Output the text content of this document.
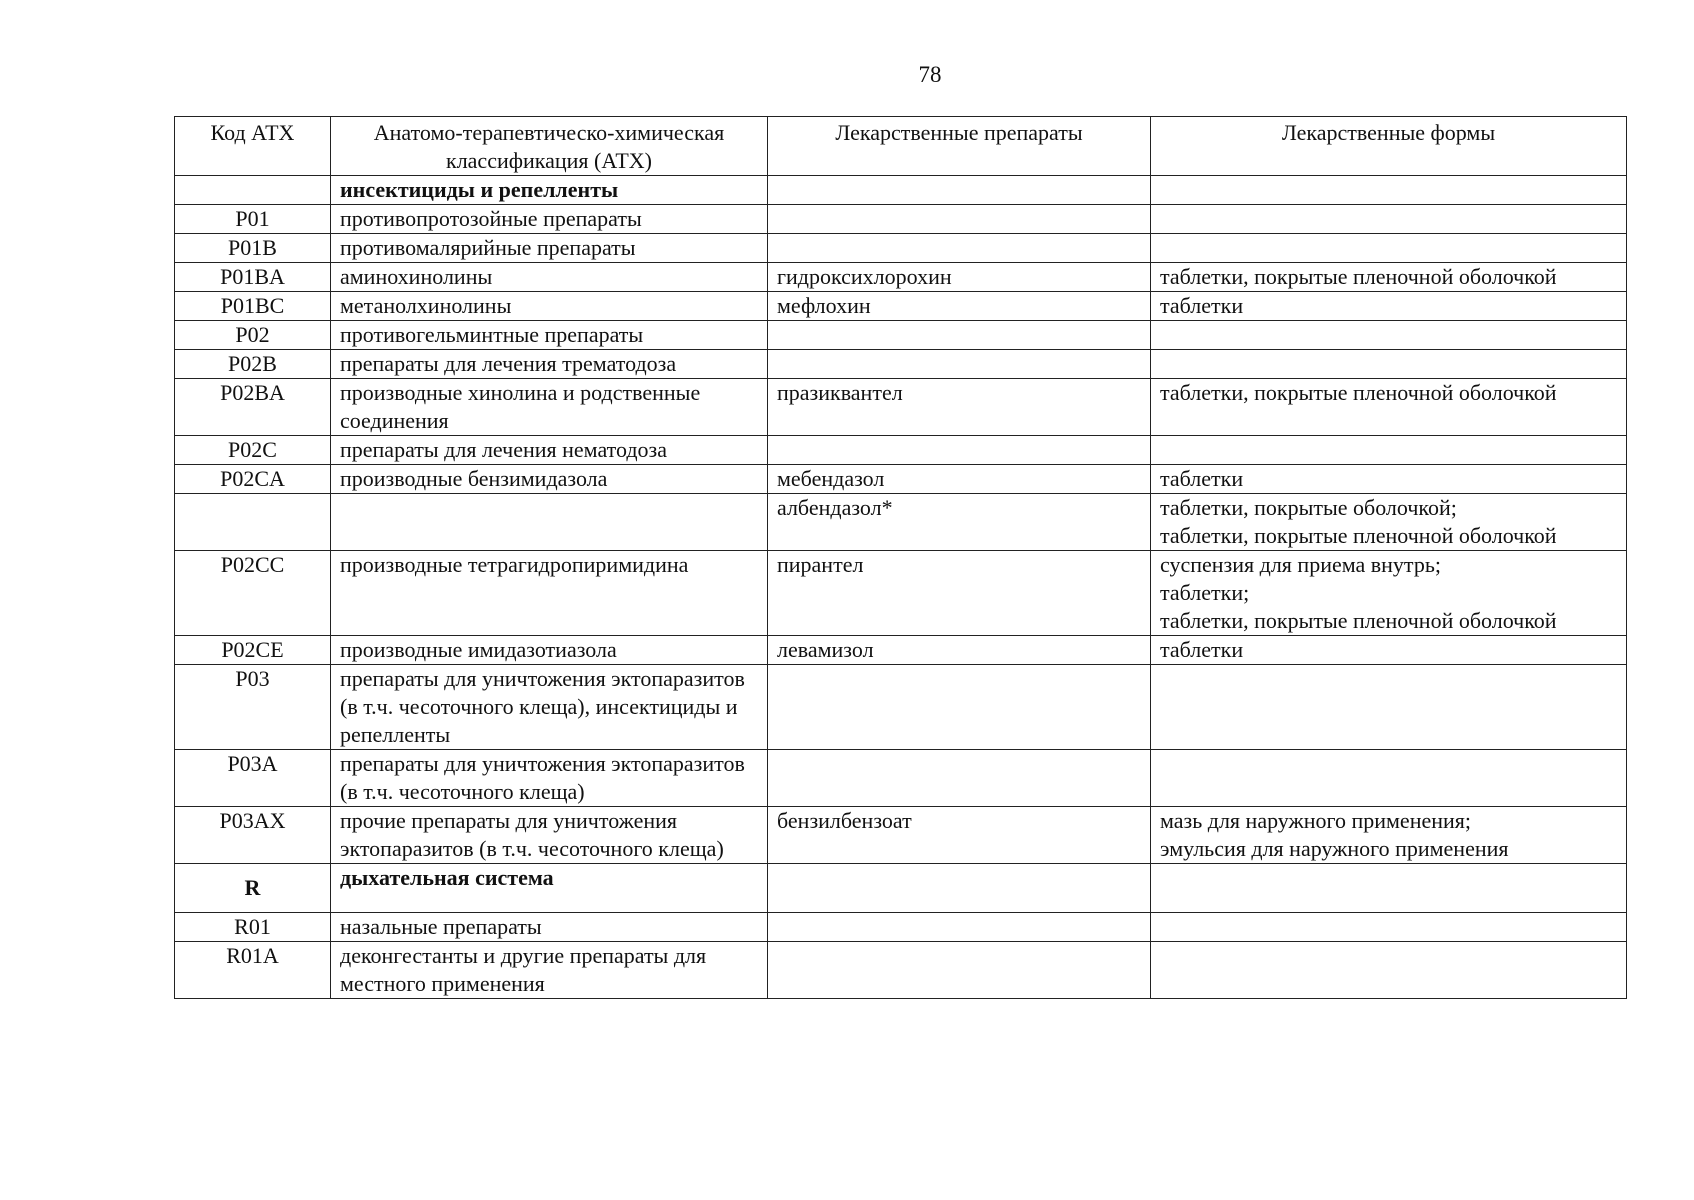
78
Код АТХ	Анатомо-терапевтическо-химическая классификация (АТХ)	Лекарственные препараты	Лекарственные формы
	инсектициды и репелленты		
P01	противопротозойные препараты		
P01B	противомалярийные препараты		
P01BA	аминохинолины	гидроксихлорохин	таблетки, покрытые пленочной оболочкой
P01BC	метанолхинолины	мефлохин	таблетки
P02	противогельминтные препараты		
P02B	препараты для лечения трематодоза		
P02BA	производные хинолина и родственные соединения	празиквантел	таблетки, покрытые пленочной оболочкой
P02C	препараты для лечения нематодоза		
P02CA	производные бензимидазола	мебендазол	таблетки
		албендазол*	таблетки, покрытые оболочкой;
таблетки, покрытые пленочной оболочкой

P02CC	производные тетрагидропиримидина	пирантел	суспензия для приема внутрь;
таблетки;
таблетки, покрытые пленочной оболочкой

P02CE	производные имидазотиазола	левамизол	таблетки
P03	препараты для уничтожения эктопаразитов (в т.ч. чесоточного клеща), инсектициды и репелленты		
P03A	препараты для уничтожения эктопаразитов (в т.ч. чесоточного клеща)		
P03AX	прочие препараты для уничтожения эктопаразитов (в т.ч. чесоточного клеща)	бензилбензоат	мазь для наружного применения;
эмульсия для наружного применения

R	дыхательная система		
R01	назальные препараты		
R01A	деконгестанты и другие препараты для местного применения		
